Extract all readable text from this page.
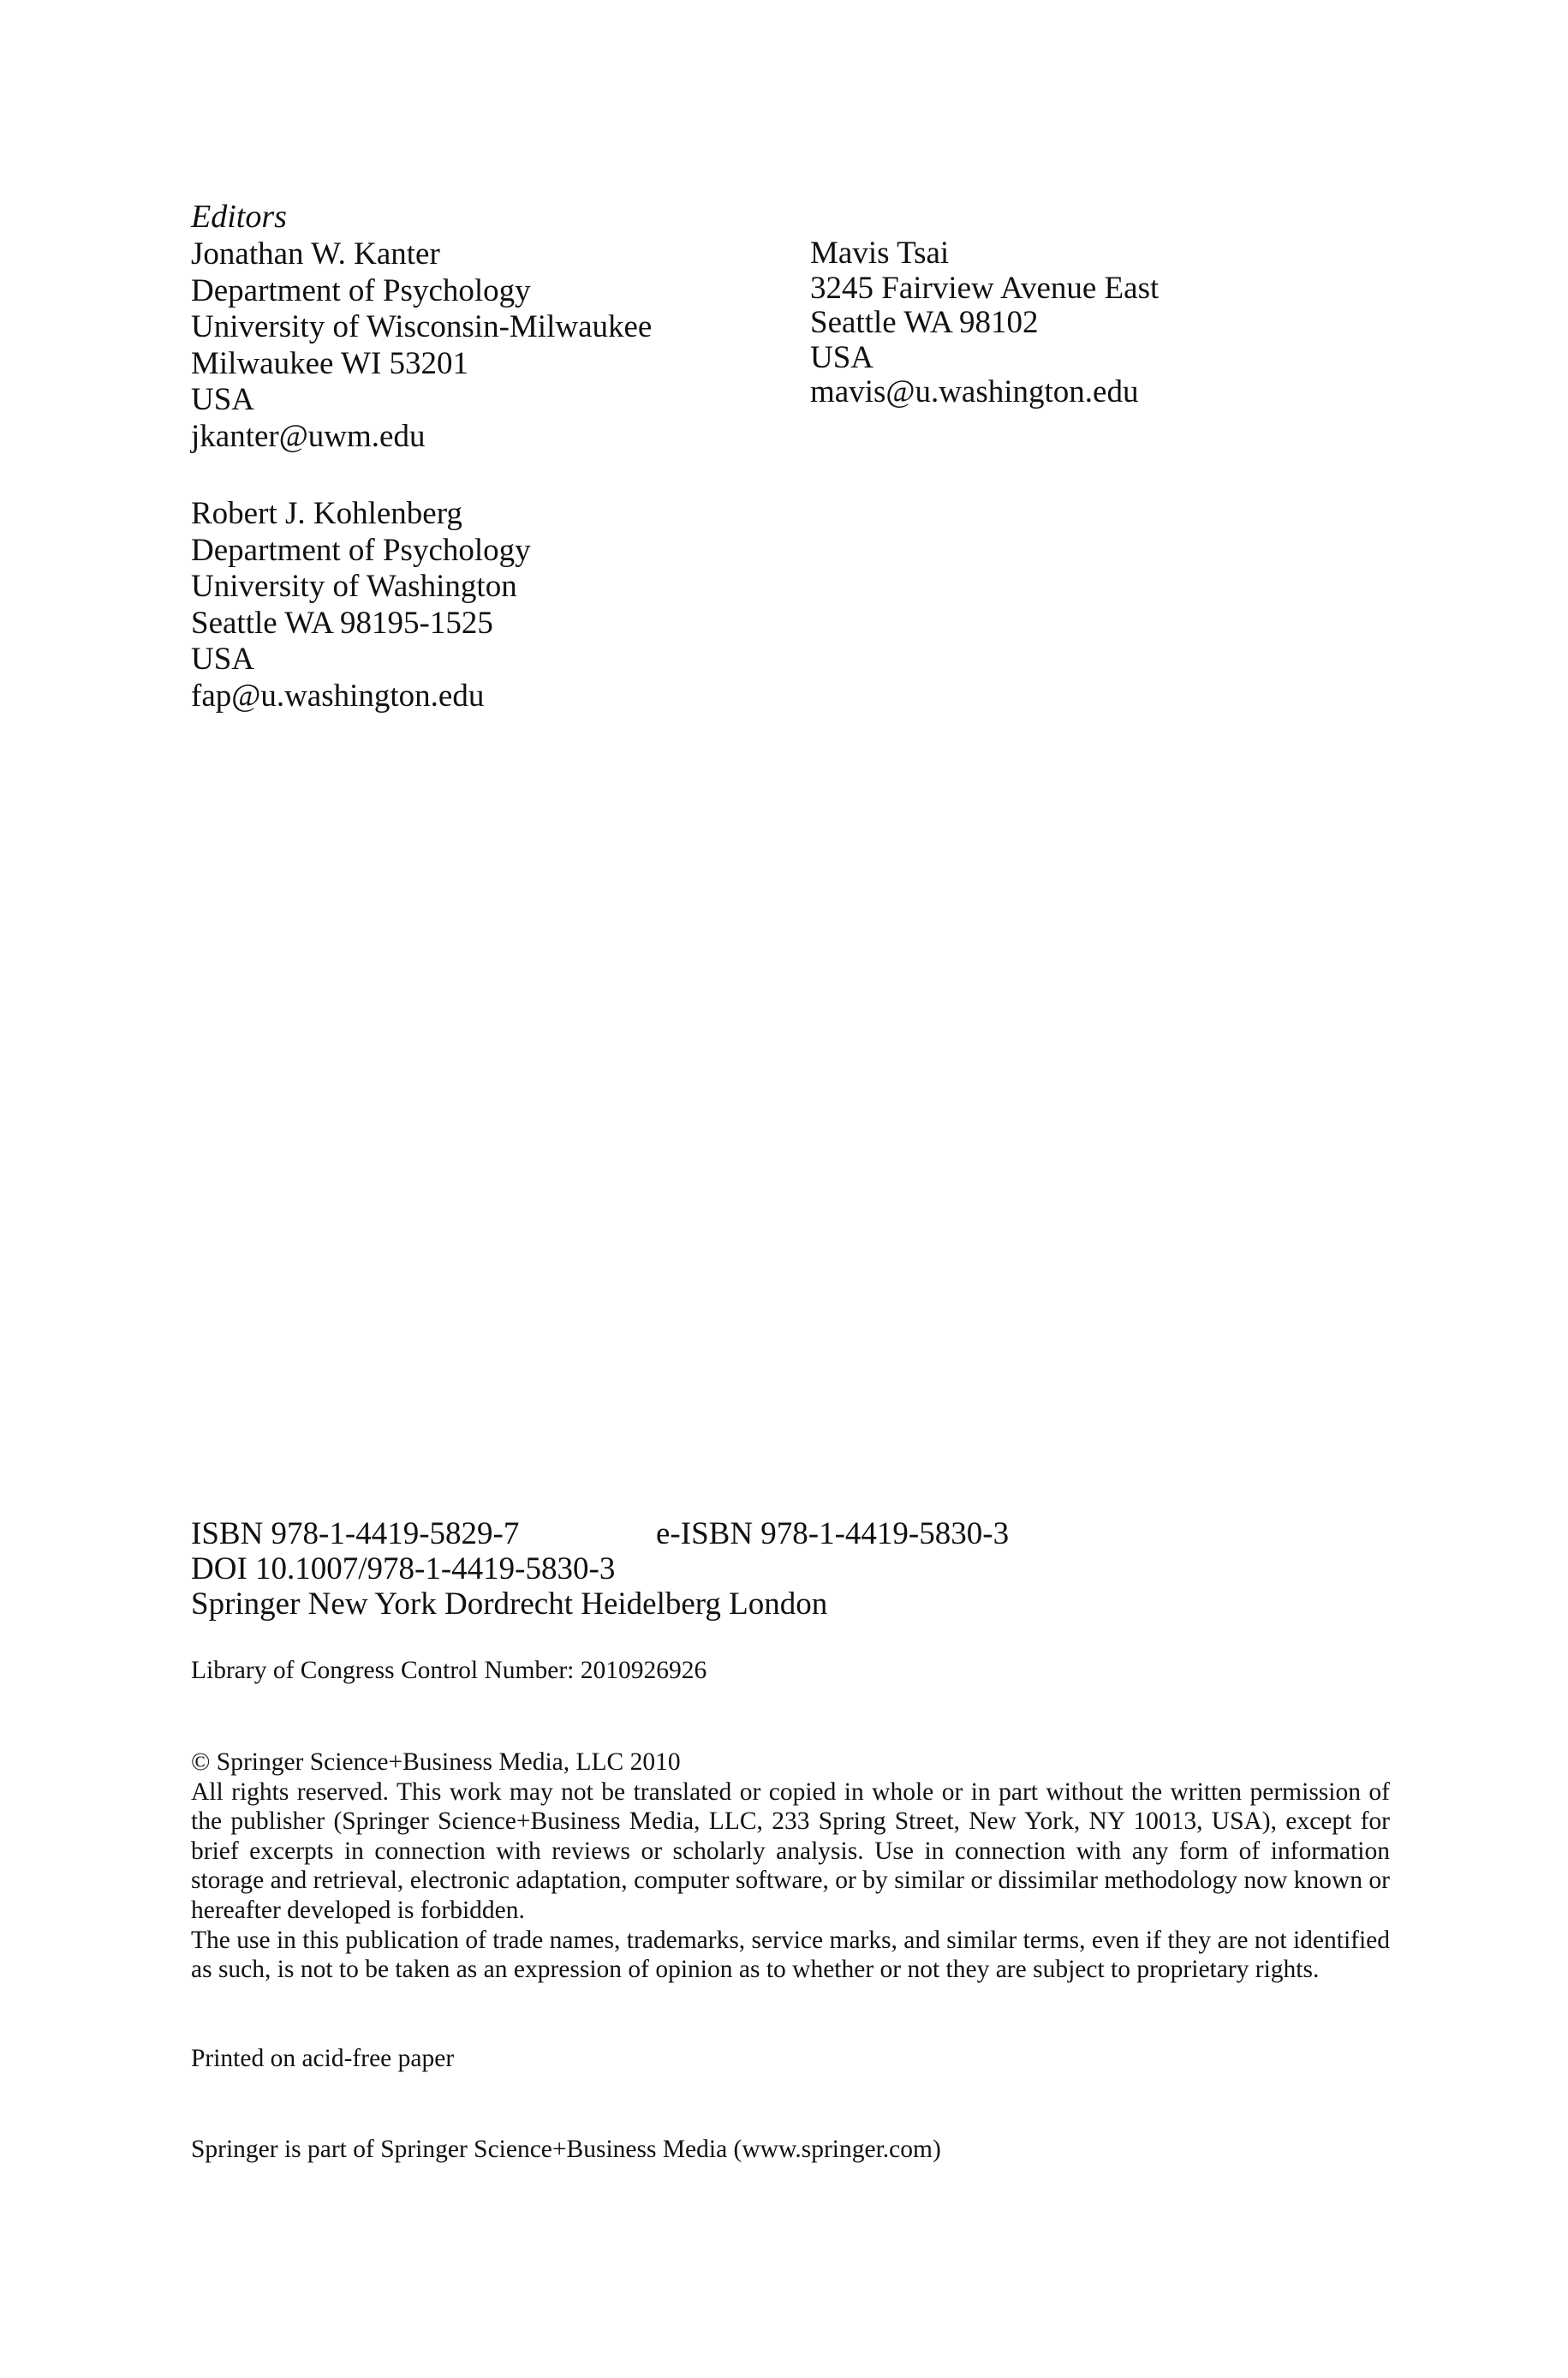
Editors
Jonathan W. Kanter
Department of Psychology
University of Wisconsin-Milwaukee
Milwaukee WI 53201
USA
jkanter@uwm.edu
Mavis Tsai
3245 Fairview Avenue East
Seattle WA 98102
USA
mavis@u.washington.edu
Robert J. Kohlenberg
Department of Psychology
University of Washington
Seattle WA 98195-1525
USA
fap@u.washington.edu
ISBN 978-1-4419-5829-7	e-ISBN 978-1-4419-5830-3
DOI 10.1007/978-1-4419-5830-3
Springer New York Dordrecht Heidelberg London
Library of Congress Control Number: 2010926926
© Springer Science+Business Media, LLC 2010
All rights reserved. This work may not be translated or copied in whole or in part without the written permission of the publisher (Springer Science+Business Media, LLC, 233 Spring Street, New York, NY 10013, USA), except for brief excerpts in connection with reviews or scholarly analysis. Use in connection with any form of information storage and retrieval, electronic adaptation, computer software, or by similar or dissimilar methodology now known or hereafter developed is forbidden.
The use in this publication of trade names, trademarks, service marks, and similar terms, even if they are not identified as such, is not to be taken as an expression of opinion as to whether or not they are subject to proprietary rights.
Printed on acid-free paper
Springer is part of Springer Science+Business Media (www.springer.com)
